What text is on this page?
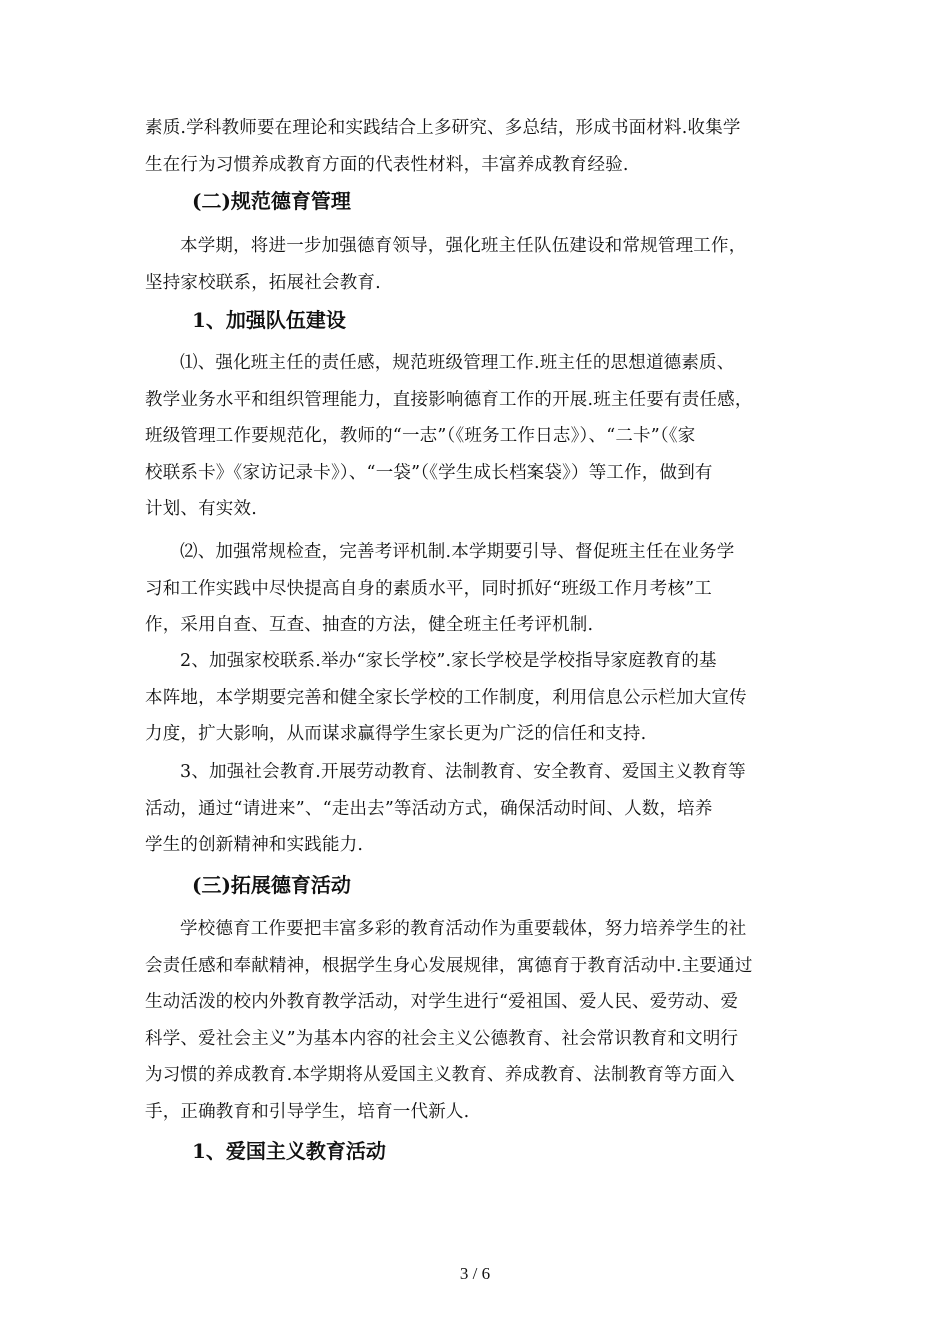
素质.学科教师要在理论和实践结合上多研究、多总结，形成书面材料.收集学
生在行为习惯养成教育方面的代表性材料，丰富养成教育经验.

(二)规范德育管理

本学期，将进一步加强德育领导，强化班主任队伍建设和常规管理工作，
坚持家校联系，拓展社会教育.

1、加强队伍建设

⑴、强化班主任的责任感，规范班级管理工作.班主任的思想道德素质、
教学业务水平和组织管理能力，直接影响德育工作的开展.班主任要有责任感，
班级管理工作要规范化，教师的“一志”（《班务工作日志》）、“二卡”（《家
校联系卡》《家访记录卡》）、“一袋”（《学生成长档案袋》）等工作，做到有
计划、有实效.

⑵、加强常规检查，完善考评机制.本学期要引导、督促班主任在业务学
习和工作实践中尽快提高自身的素质水平，同时抓好“班级工作月考核”工
作，采用自查、互查、抽查的方法，健全班主任考评机制.

2、加强家校联系.举办“家长学校”.家长学校是学校指导家庭教育的基
本阵地，本学期要完善和健全家长学校的工作制度，利用信息公示栏加大宣传
力度，扩大影响，从而谋求赢得学生家长更为广泛的信任和支持.

3、加强社会教育.开展劳动教育、法制教育、安全教育、爱国主义教育等
活动，通过“请进来”、“走出去”等活动方式，确保活动时间、人数，培养
学生的创新精神和实践能力.

(三)拓展德育活动

学校德育工作要把丰富多彩的教育活动作为重要载体，努力培养学生的社
会责任感和奉献精神，根据学生身心发展规律，寓德育于教育活动中.主要通过
生动活泼的校内外教育教学活动，对学生进行“爱祖国、爱人民、爱劳动、爱
科学、爱社会主义”为基本内容的社会主义公德教育、社会常识教育和文明行
为习惯的养成教育.本学期将从爱国主义教育、养成教育、法制教育等方面入
手，正确教育和引导学生，培育一代新人.

1、爱国主义教育活动
3 / 6
